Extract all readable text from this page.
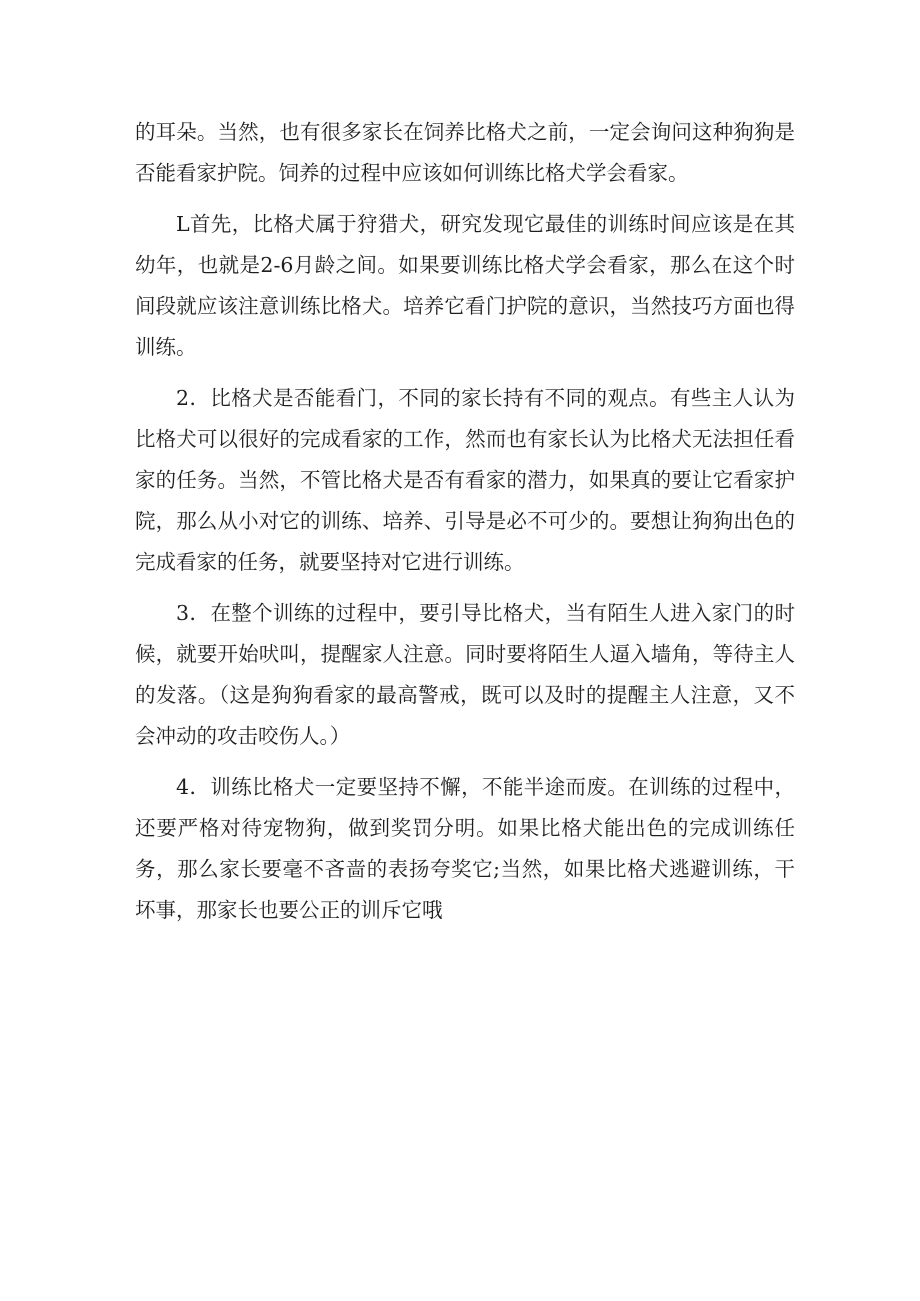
的耳朵。当然，也有很多家长在饲养比格犬之前，一定会询问这种狗狗是否能看家护院。饲养的过程中应该如何训练比格犬学会看家。

L首先，比格犬属于狩猎犬，研究发现它最佳的训练时间应该是在其幼年，也就是2-6月龄之间。如果要训练比格犬学会看家，那么在这个时间段就应该注意训练比格犬。培养它看门护院的意识，当然技巧方面也得训练。

2．比格犬是否能看门，不同的家长持有不同的观点。有些主人认为比格犬可以很好的完成看家的工作，然而也有家长认为比格犬无法担任看家的任务。当然，不管比格犬是否有看家的潜力，如果真的要让它看家护院，那么从小对它的训练、培养、引导是必不可少的。要想让狗狗出色的完成看家的任务，就要坚持对它进行训练。

3．在整个训练的过程中，要引导比格犬，当有陌生人进入家门的时候，就要开始吠叫，提醒家人注意。同时要将陌生人逼入墙角，等待主人的发落。（这是狗狗看家的最高警戒，既可以及时的提醒主人注意，又不会冲动的攻击咬伤人。）

4．训练比格犬一定要坚持不懈，不能半途而废。在训练的过程中，还要严格对待宠物狗，做到奖罚分明。如果比格犬能出色的完成训练任务，那么家长要毫不吝啬的表扬夸奖它;当然，如果比格犬逃避训练，干坏事，那家长也要公正的训斥它哦
